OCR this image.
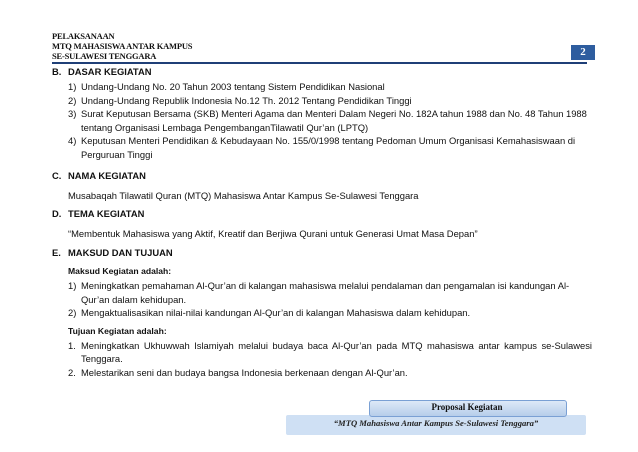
PELAKSANAAN
MTQ MAHASISWA ANTAR KAMPUS
SE-SULAWESI TENGGARA	2
B. DASAR KEGIATAN
1) Undang-Undang No. 20 Tahun 2003 tentang Sistem Pendidikan Nasional
2) Undang-Undang Republik Indonesia No.12 Th. 2012 Tentang Pendidikan Tinggi
3) Surat Keputusan Bersama (SKB) Menteri Agama dan Menteri Dalam Negeri No. 182A tahun 1988 dan No. 48 Tahun 1988 tentang Organisasi Lembaga PengembanganTilawatil Qur’an (LPTQ)
4) Keputusan Menteri Pendidikan & Kebudayaan No. 155/0/1998 tentang Pedoman Umum Organisasi Kemahasiswaan di Perguruan Tinggi
C. NAMA KEGIATAN
Musabaqah Tilawatil Quran (MTQ) Mahasiswa Antar Kampus Se-Sulawesi Tenggara
D. TEMA KEGIATAN
“Membentuk Mahasiswa yang Aktif, Kreatif dan Berjiwa Qurani untuk Generasi Umat Masa Depan”
E. MAKSUD DAN TUJUAN
Maksud Kegiatan adalah:
1) Meningkatkan pemahaman Al-Qur’an di kalangan mahasiswa melalui pendalaman dan pengamalan isi kandungan Al-Qur’an dalam kehidupan.
2) Mengaktualisasikan nilai-nilai kandungan Al-Qur’an di kalangan Mahasiswa dalam kehidupan.
Tujuan Kegiatan adalah:
1. Meningkatkan Ukhuwwah Islamiyah melalui budaya baca Al-Qur’an pada MTQ mahasiswa antar kampus se-Sulawesi Tenggara.
2. Melestarikan seni dan budaya bangsa Indonesia berkenaan dengan Al-Qur’an.
Proposal Kegiatan
“MTQ Mahasiswa Antar Kampus Se-Sulawesi Tenggara”
